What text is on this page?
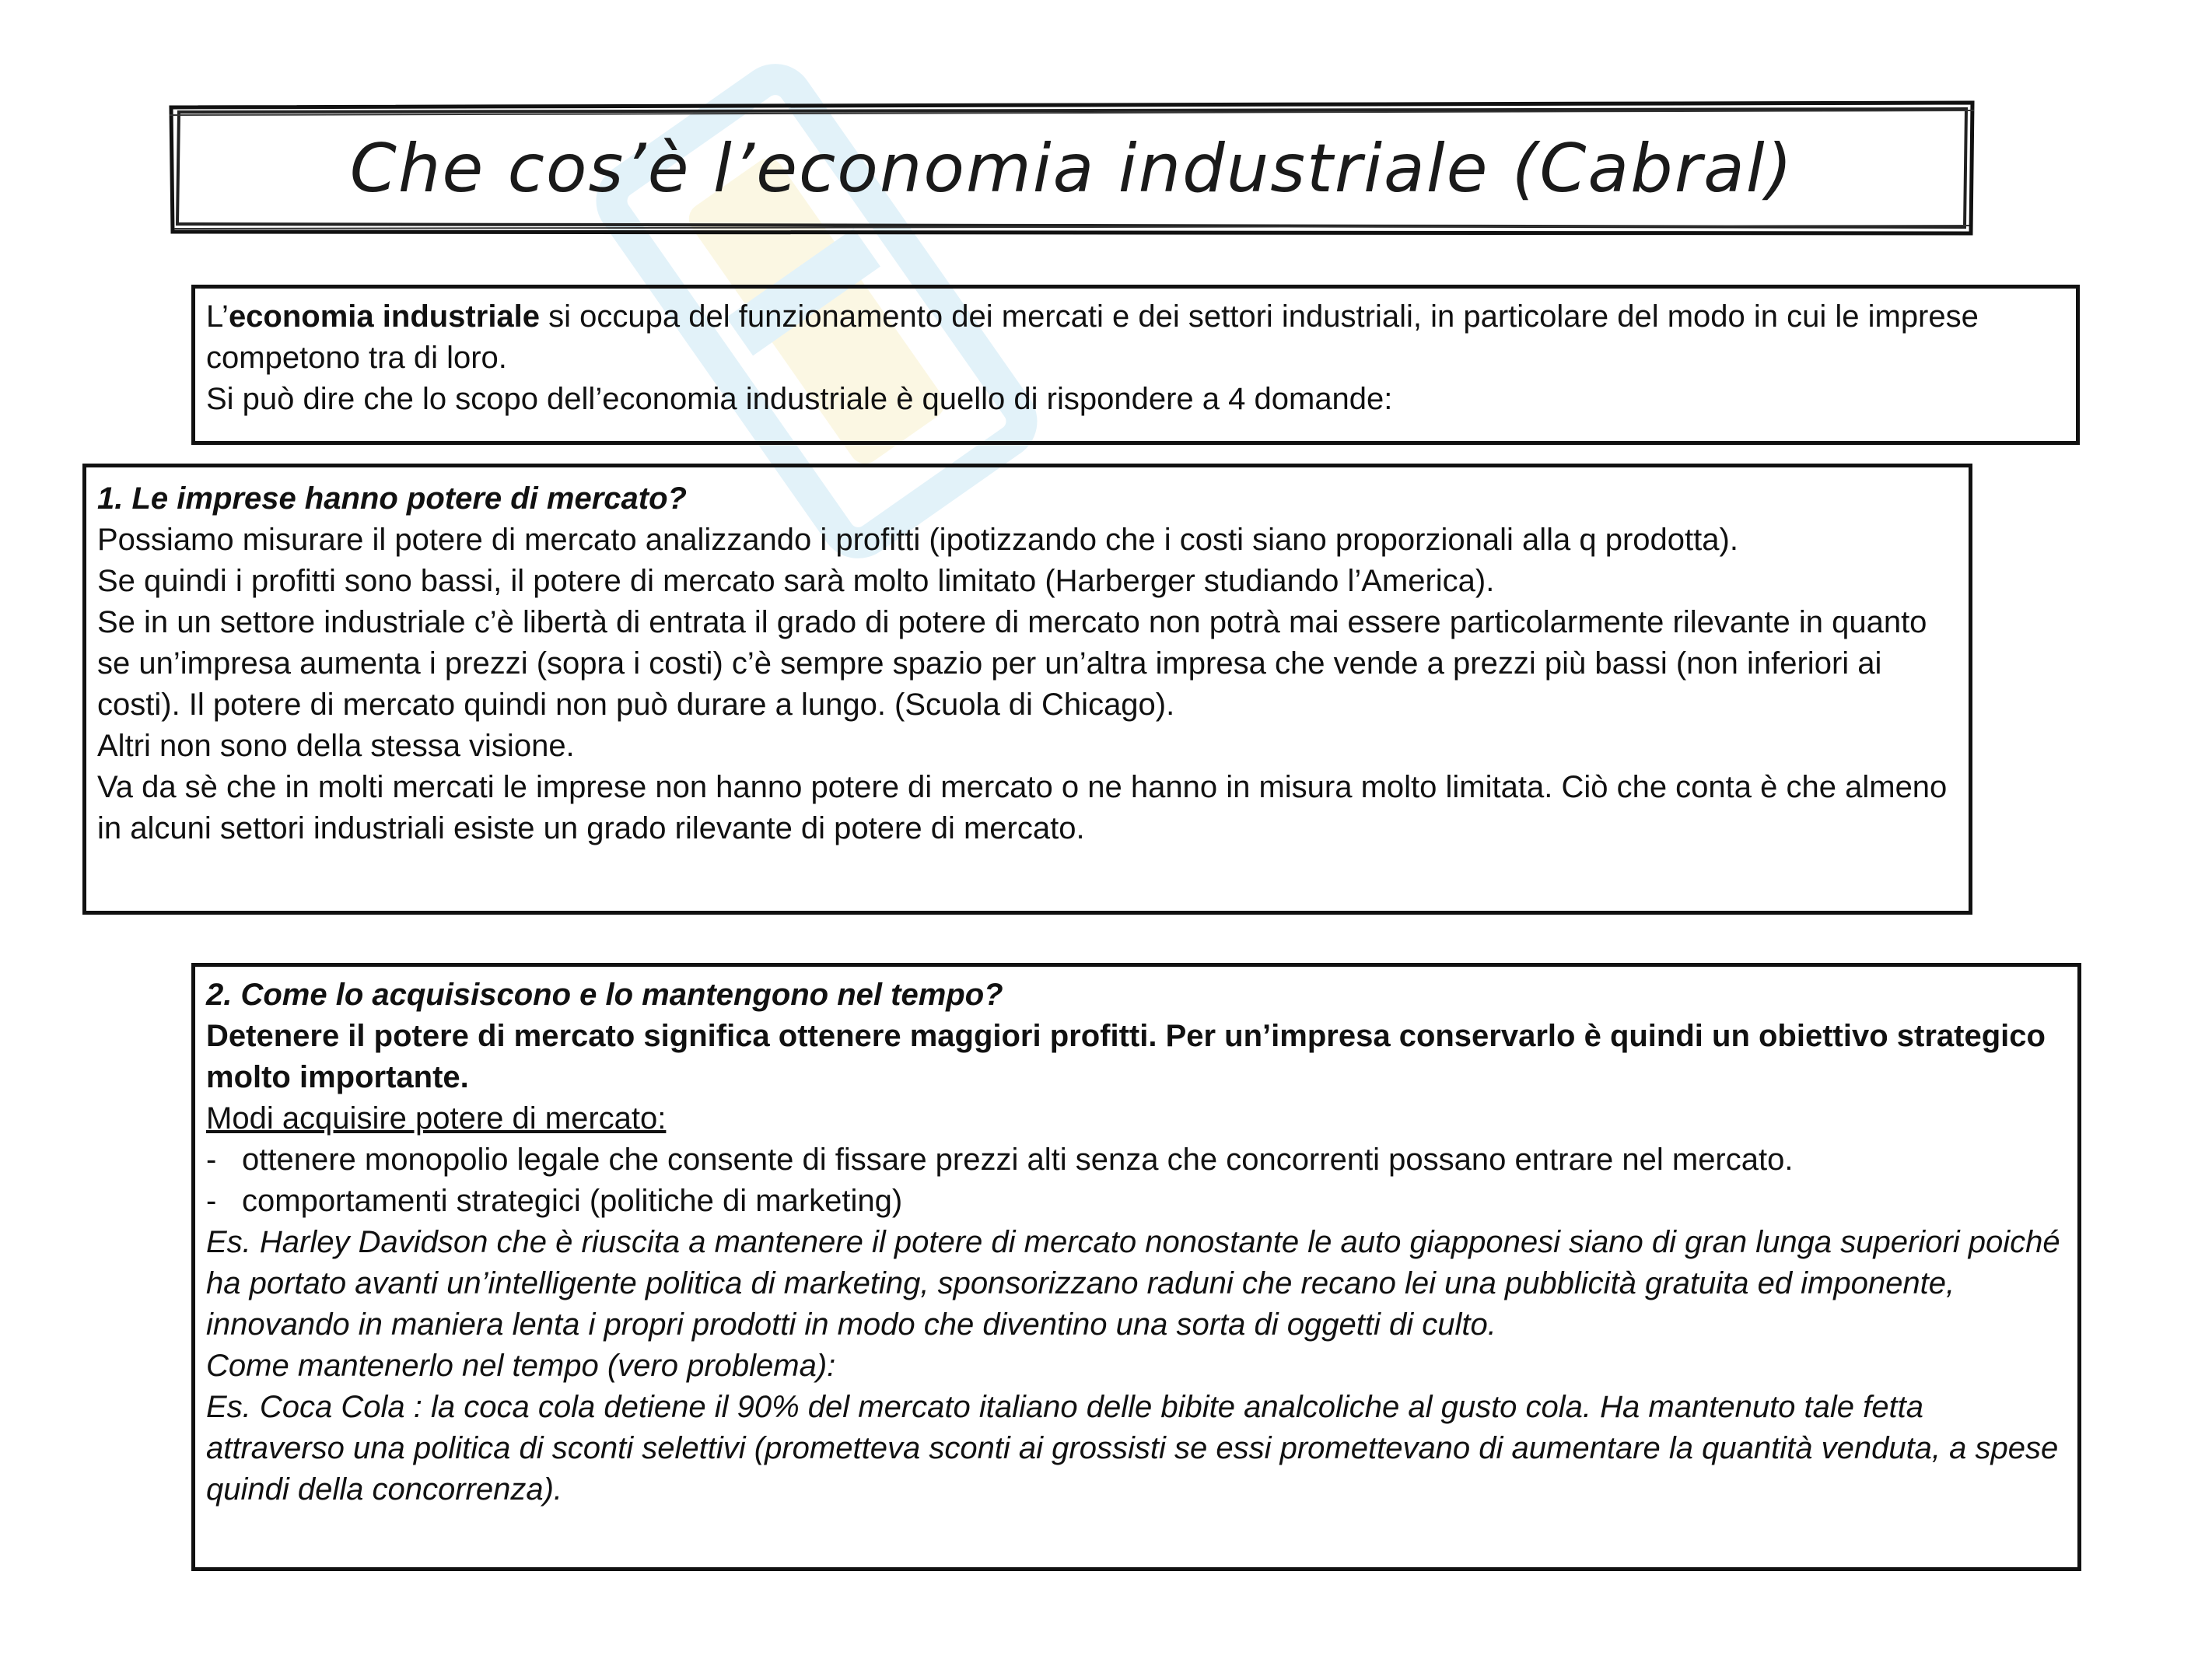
Che cos’è l’economia industriale (Cabral)

L’economia industriale si occupa del funzionamento dei mercati e dei settori industriali, in particolare del modo in cui le imprese competono tra di loro.

Si può dire che lo scopo dell’economia industriale è quello di rispondere a 4 domande:

1. Le imprese hanno potere di mercato?

Possiamo misurare il potere di mercato analizzando i profitti (ipotizzando che i costi siano proporzionali alla q prodotta).

Se quindi i profitti sono bassi, il potere di mercato sarà molto limitato (Harberger studiando l’America).

Se in un settore industriale c’è libertà di entrata il grado di potere di mercato non potrà mai essere particolarmente rilevante in quanto se un’impresa aumenta i prezzi (sopra i costi) c’è sempre spazio per un’altra impresa che vende a prezzi più bassi (non inferiori ai costi). Il potere di mercato quindi non può durare a lungo. (Scuola di Chicago).

Altri non sono della stessa visione.

Va da sè che in molti mercati le imprese non hanno potere di mercato o ne hanno in misura molto limitata. Ciò che conta è che almeno in alcuni settori industriali esiste un grado rilevante di potere di mercato.

2. Come lo acquisiscono e lo mantengono nel tempo?

Detenere il potere di mercato significa ottenere maggiori profitti. Per un’impresa conservarlo è quindi un obiettivo strategico molto importante.

Modi acquisire potere di mercato:

- ottenere monopolio legale che consente di fissare prezzi alti senza che concorrenti possano entrare nel mercato.
- comportamenti strategici (politiche di marketing)

Es. Harley Davidson che è riuscita a mantenere il potere di mercato nonostante le auto giapponesi siano di gran lunga superiori poiché ha portato avanti un’intelligente politica di marketing, sponsorizzano raduni che recano lei una pubblicità gratuita ed imponente, innovando in maniera lenta i propri prodotti in modo che diventino una sorta di oggetti di culto.

Come mantenerlo nel tempo (vero problema):

Es. Coca Cola : la coca cola detiene il 90% del mercato italiano delle bibite analcoliche al gusto cola. Ha mantenuto tale fetta attraverso una politica di sconti selettivi (prometteva sconti ai grossisti se essi promettevano di aumentare la quantità venduta, a spese quindi della concorrenza).
